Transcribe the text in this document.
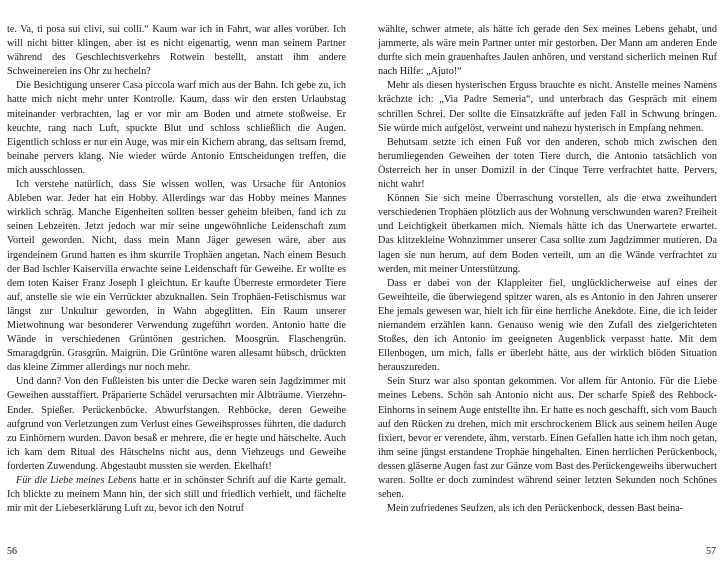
te. Va, ti posa sui clivi, sui colli.“ Kaum war ich in Fahrt, war alles vorüber. Ich will nicht bitter klingen, aber ist es nicht eigenartig, wenn man seinem Partner während des Geschlechtsverkehrs Rotwein bestellt, anstatt ihm andere Schweinereien ins Ohr zu hecheln?

Die Besichtigung unserer Casa piccola warf mich aus der Bahn. Ich gebe zu, ich hatte mich nicht mehr unter Kontrolle. Kaum, dass wir den ersten Urlaubstag miteinander verbrachten, lag er vor mir am Boden und atmete stoßweise. Er keuchte, rang nach Luft, spuckte Blut und schloss schließlich die Augen. Eigentlich schloss er nur ein Auge, was mir ein Kichern abrang, das seltsam fremd, beinahe pervers klang. Nie wieder würde Antonio Entscheidungen treffen, die mich ausschlossen.

Ich verstehe natürlich, dass Sie wissen wollen, was Ursache für Antonios Ableben war. Jeder hat ein Hobby. Allerdings war das Hobby meines Mannes wirklich schräg. Manche Eigenheiten sollten besser geheim bleiben, fand ich zu seinen Lebzeiten. Jetzt jedoch war mir seine ungewöhnliche Leidenschaft zum Vorteil geworden. Nicht, dass mein Mann Jäger gewesen wäre, aber aus irgendeinem Grund hatten es ihm skurrile Trophäen angetan. Nach einem Besuch der Bad Ischler Kaiservilla erwachte seine Leidenschaft für Geweihe. Er wollte es dem toten Kaiser Franz Joseph I gleichtun. Er kaufte Überreste ermordeter Tiere auf, anstelle sie wie ein Verrückter abzuknallen. Sein Trophäen-Fetischismus war längst zur Unkultur geworden, in Wahn abgeglitten. Ein Raum unserer Mietwohnung war besonderer Verwendung zugeführt worden. Antonio hatte die Wände in verschiedenen Grüntönen gestrichen. Moosgrün. Flaschengrün. Smaragdgrün. Grasgrün. Maigrün. Die Grüntöne waren allesamt hübsch, drückten das kleine Zimmer allerdings nur noch mehr.

Und dann? Von den Fußleisten bis unter die Decke waren sein Jagdzimmer mit Geweihen ausstaffiert. Präparierte Schädel verursachten mir Albträume. Vierzehn-Ender. Spießer. Perückenböcke. Abwurfstangen. Rehböcke, deren Geweihe aufgrund von Verletzungen zum Verlust eines Geweihsprosses führten, die dadurch zu Einhörnern wurden. Davon besaß er mehrere, die er hegte und hätschelte. Auch ich kam dem Ritual des Hätschelns nicht aus, denn Viehzeugs und Geweihe forderten Zuwendung. Abgestaubt mussten sie werden. Ekelhaft!

Für die Liebe meines Lebens hatte er in schönster Schrift auf die Karte gemalt. Ich blickte zu meinem Mann hin, der sich still und friedlich verhielt, und fächelte mir mit der Liebeserklärung Luft zu, bevor ich den Notruf

wählte, schwer atmete, als hätte ich gerade den Sex meines Lebens gehabt, und jammerte, als wäre mein Partner unter mir gestorben. Der Mann am anderen Ende durfte sich mein grauenhaftes Jaulen anhören, und verstand sicherlich meinen Ruf nach Hilfe: „Ajuto!“

Mehr als diesen hysterischen Erguss brauchte es nicht. Anstelle meines Namens krächzte ich: „Via Padre Semeria“, und unterbrach das Gespräch mit einem schrillen Schrei. Der sollte die Einsatzkräfte auf jeden Fall in Schwung bringen. Sie würde mich aufgelöst, verweint und nahezu hysterisch in Empfang nehmen.

Behutsam setzte ich einen Fuß vor den anderen, schob mich zwischen den herumliegenden Geweihen der toten Tiere durch, die Antonio tatsächlich von Österreich her in unser Domizil in der Cinque Terre verfrachtet hatte. Pervers, nicht wahr!

Können Sie sich meine Überraschung vorstellen, als die etwa zweihundert verschiedenen Trophäen plötzlich aus der Wohnung verschwunden waren? Freiheit und Leichtigkeit überkamen mich. Niemals hätte ich das Unerwartete erwartet. Das klitzekleine Wohnzimmer unserer Casa sollte zum Jagdzimmer mutieren. Da lagen sie nun herum, auf dem Boden verteilt, um an die Wände verfrachtet zu werden, mit meiner Unterstützung.

Dass er dabei von der Klappleiter fiel, unglücklicherweise auf eines der Geweihteile, die überwiegend spitzer waren, als es Antonio in den Jahren unserer Ehe jemals gewesen war, hielt ich für eine herrliche Anekdote. Eine, die ich leider niemandem erzählen kann. Genauso wenig wie den Zufall des zielgerichteten Stoßes, den ich Antonio im geeigneten Augenblick verpasst hatte. Mit dem Ellenbogen, um mich, falls er überlebt hätte, aus der wirklich blöden Situation herauszureden.

Sein Sturz war also spontan gekommen. Vor allem für Antonio. Für die Liebe meines Lebens. Schön sah Antonio nicht aus. Der scharfe Spieß des Rehbock-Einhorns in seinem Auge entstellte ihn. Er hatte es noch geschafft, sich vom Bauch auf den Rücken zu drehen, mich mit erschrockenem Blick aus seinem heilen Auge fixiert, bevor er verendete, ähm, verstarb. Einen Gefallen hatte ich ihm noch getan, ihm seine jüngst erstandene Trophäe hingehalten. Einen herrlichen Perückenbock, dessen gläserne Augen fast zur Gänze vom Bast des Perückengeweihs überwuchert waren. Sollte er doch zumindest während seiner letzten Sekunden noch Schönes sehen.

Mein zufriedenes Seufzen, als ich den Perückenbock, dessen Bast beina-

56	57
